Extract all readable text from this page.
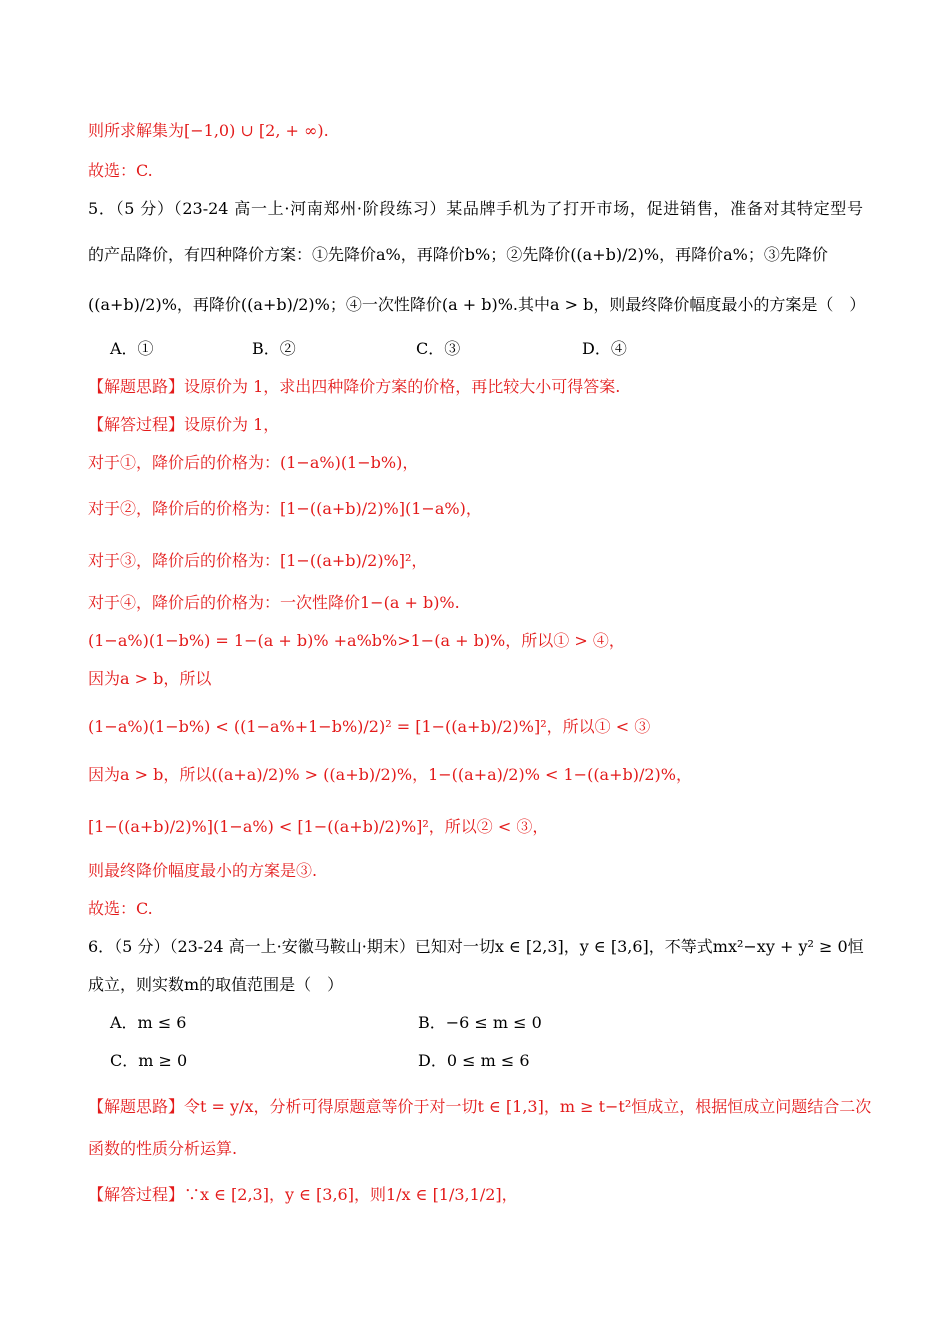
则所求解集为[−1,0) ∪ [2, + ∞).
故选：C.
5．（5 分）（23-24 高一上·河南郑州·阶段练习）某品牌手机为了打开市场，促进销售，准备对其特定型号
的产品降价，有四种降价方案：①先降价a%，再降价b%；②先降价((a+b)/2)%，再降价a%；③先降价
((a+b)/2)%，再降价((a+b)/2)%；④一次性降价(a + b)%.其中a > b，则最终降价幅度最小的方案是（　）
A．①	B．②	C．③	D．④
【解题思路】设原价为 1，求出四种降价方案的价格，再比较大小可得答案.
【解答过程】设原价为 1，
对于①，降价后的价格为：(1−a%)(1−b%)，
对于②，降价后的价格为：[1−((a+b)/2)%](1−a%)，
对于③，降价后的价格为：[1−((a+b)/2)%]²，
对于④，降价后的价格为：一次性降价1−(a + b)%.
(1−a%)(1−b%) = 1−(a + b)% +a%b%>1−(a + b)%，所以① > ④，
因为a > b，所以
(1−a%)(1−b%) < ((1−a%+1−b%)/2)² = [1−((a+b)/2)%]²，所以① < ③
因为a > b，所以((a+a)/2)% > ((a+b)/2)%，1−((a+a)/2)% < 1−((a+b)/2)%，
[1−((a+b)/2)%](1−a%) < [1−((a+b)/2)%]²，所以② < ③，
则最终降价幅度最小的方案是③.
故选：C.
6．（5 分）（23-24 高一上·安徽马鞍山·期末）已知对一切x ∈ [2,3]，y ∈ [3,6]，不等式mx²−xy + y² ≥ 0恒
成立，则实数m的取值范围是（　）
A．m ≤ 6	B．−6 ≤ m ≤ 0
C．m ≥ 0	D．0 ≤ m ≤ 6
【解题思路】令t = y/x，分析可得原题意等价于对一切t ∈ [1,3]，m ≥ t−t²恒成立，根据恒成立问题结合二次
函数的性质分析运算.
【解答过程】∵x ∈ [2,3]，y ∈ [3,6]，则1/x ∈ [1/3,1/2]，
